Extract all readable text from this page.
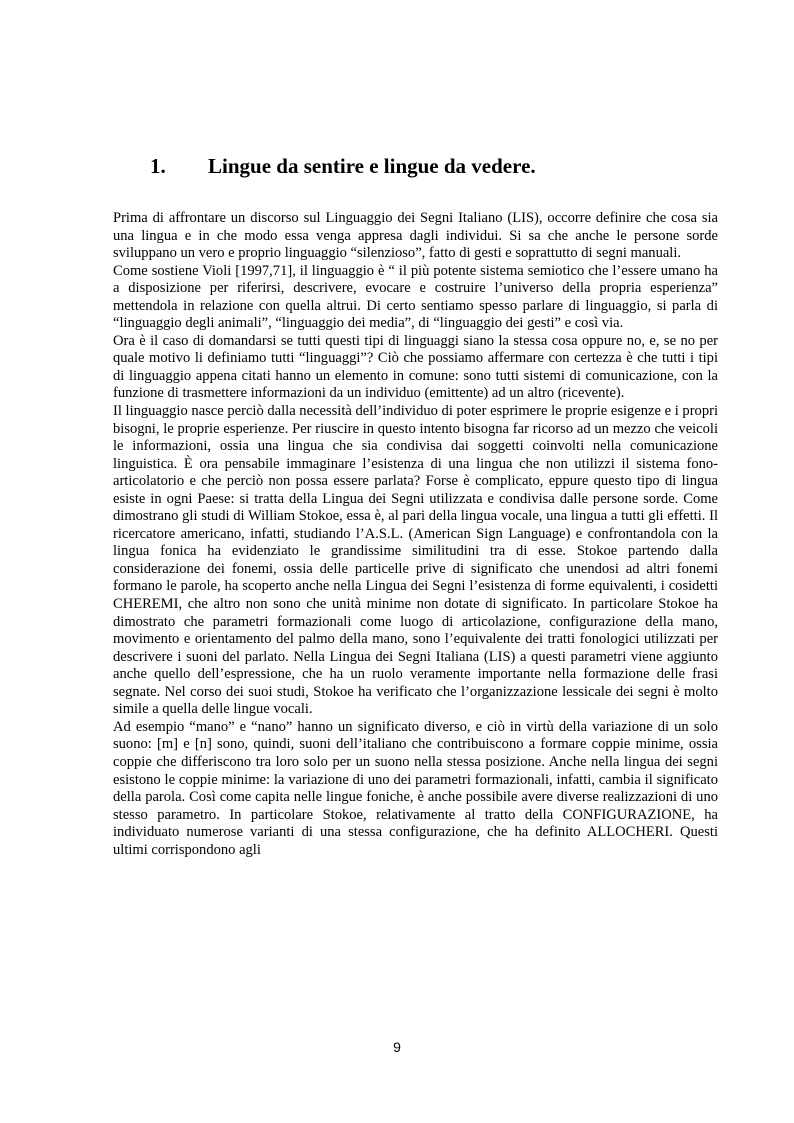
1. Lingue da sentire e lingue da vedere.

Prima di affrontare un discorso sul Linguaggio dei Segni Italiano (LIS), occorre definire che cosa sia una lingua e in che modo essa venga appresa dagli individui. Si sa che anche le persone sorde sviluppano un vero e proprio linguaggio “silenzioso”, fatto di gesti e soprattutto di segni manuali.

Come sostiene Violi [1997,71], il linguaggio è “ il più potente sistema semiotico che l’essere umano ha a disposizione per riferirsi, descrivere, evocare e costruire l’universo della propria esperienza” mettendola in relazione con quella altrui. Di certo sentiamo spesso parlare di linguaggio, si parla di “linguaggio degli animali”, “linguaggio dei media”, di “linguaggio dei gesti” e così via.

Ora è il caso di domandarsi se tutti questi tipi di linguaggi siano la stessa cosa oppure no, e, se no per quale motivo li definiamo tutti “linguaggi”? Ciò che possiamo affermare con certezza è che tutti i tipi di linguaggio appena citati hanno un elemento in comune: sono tutti sistemi di comunicazione, con la funzione di trasmettere informazioni da un individuo (emittente) ad un altro (ricevente).

Il linguaggio nasce perciò dalla necessità dell’individuo di poter esprimere le proprie esigenze e i propri bisogni, le proprie esperienze. Per riuscire in questo intento bisogna far ricorso ad un mezzo che veicoli le informazioni, ossia una lingua che sia condivisa dai soggetti coinvolti nella comunicazione linguistica. È ora pensabile immaginare l’esistenza di una lingua che non utilizzi il sistema fono-articolatorio e che perciò non possa essere parlata? Forse è complicato, eppure questo tipo di lingua esiste in ogni Paese: si tratta della Lingua dei Segni utilizzata e condivisa dalle persone sorde. Come dimostrano gli studi di William Stokoe, essa è, al pari della lingua vocale, una lingua a tutti gli effetti. Il ricercatore americano, infatti, studiando l’A.S.L. (American Sign Language) e confrontandola con la lingua fonica ha evidenziato le grandissime similitudini tra di esse. Stokoe partendo dalla considerazione dei fonemi, ossia delle particelle prive di significato che unendosi ad altri fonemi formano le parole, ha scoperto anche nella Lingua dei Segni l’esistenza di forme equivalenti, i cosidetti CHEREMI, che altro non sono che unità minime non dotate di significato. In particolare Stokoe ha dimostrato che parametri formazionali come luogo di articolazione, configurazione della mano, movimento e orientamento del palmo della mano, sono l’equivalente dei tratti fonologici utilizzati per descrivere i suoni del parlato. Nella Lingua dei Segni Italiana (LIS) a questi parametri viene aggiunto anche quello dell’espressione, che ha un ruolo veramente importante nella formazione delle frasi segnate. Nel corso dei suoi studi, Stokoe ha verificato che l’organizzazione lessicale dei segni è molto simile a quella delle lingue vocali.

Ad esempio “mano” e “nano” hanno un significato diverso, e ciò in virtù della variazione di un solo suono: [m] e [n] sono, quindi, suoni dell’italiano che contribuiscono a formare coppie minime, ossia coppie che differiscono tra loro solo per un suono nella stessa posizione. Anche nella lingua dei segni esistono le coppie minime: la variazione di uno dei parametri formazionali, infatti, cambia il significato della parola. Così come capita nelle lingue foniche, è anche possibile avere diverse realizzazioni di uno stesso parametro. In particolare Stokoe, relativamente al tratto della CONFIGURAZIONE, ha individuato numerose varianti di una stessa configurazione, che ha definito ALLOCHERI. Questi ultimi corrispondono agli

9
